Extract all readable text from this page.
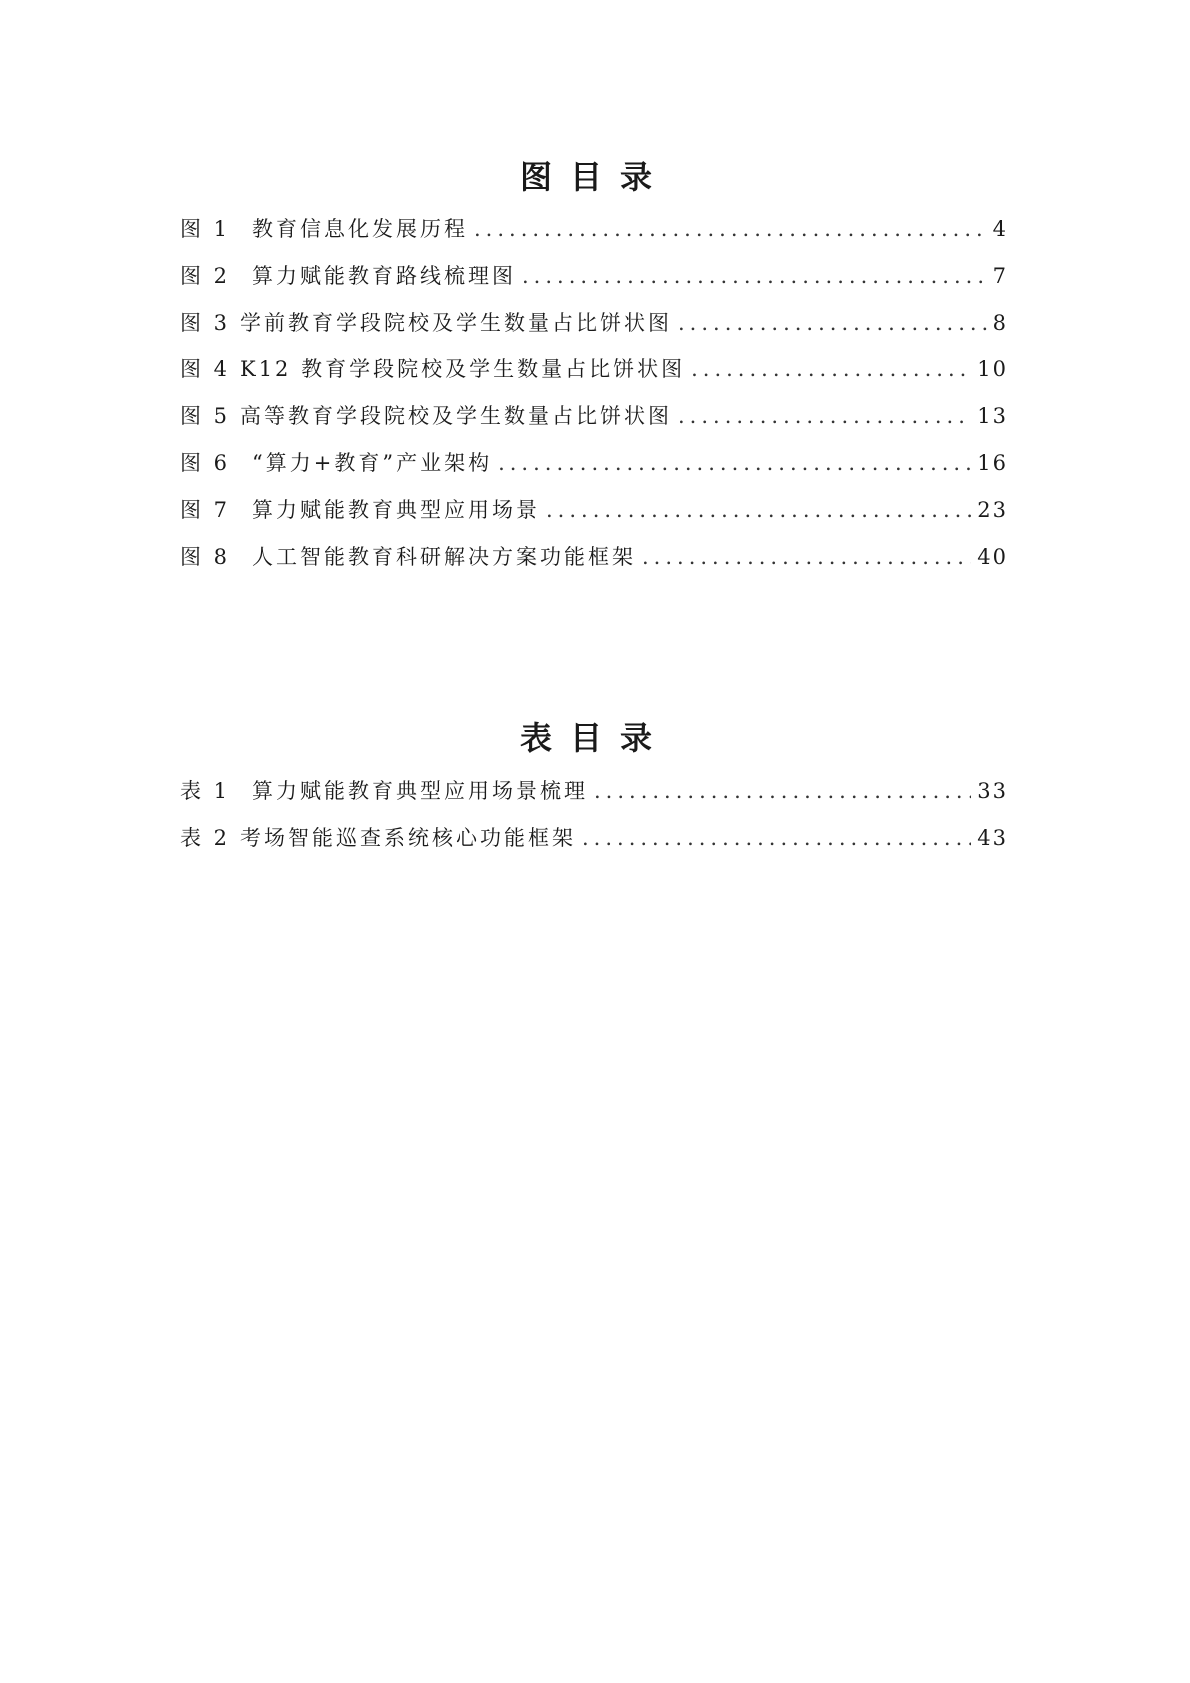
图目录
图 1	教育信息化发展历程 .....	4
图 2	算力赋能教育路线梳理图 .....	7
图 3 学前教育学段院校及学生数量占比饼状图 .....	8
图 4 K12 教育学段院校及学生数量占比饼状图 .....	10
图 5 高等教育学段院校及学生数量占比饼状图 .....	13
图 6	“算力+教育”产业架构 .....	16
图 7	算力赋能教育典型应用场景 .....	23
图 8	人工智能教育科研解决方案功能框架 .....	40
表目录
表 1	算力赋能教育典型应用场景梳理 .....	33
表 2 考场智能巡查系统核心功能框架 .....	43
